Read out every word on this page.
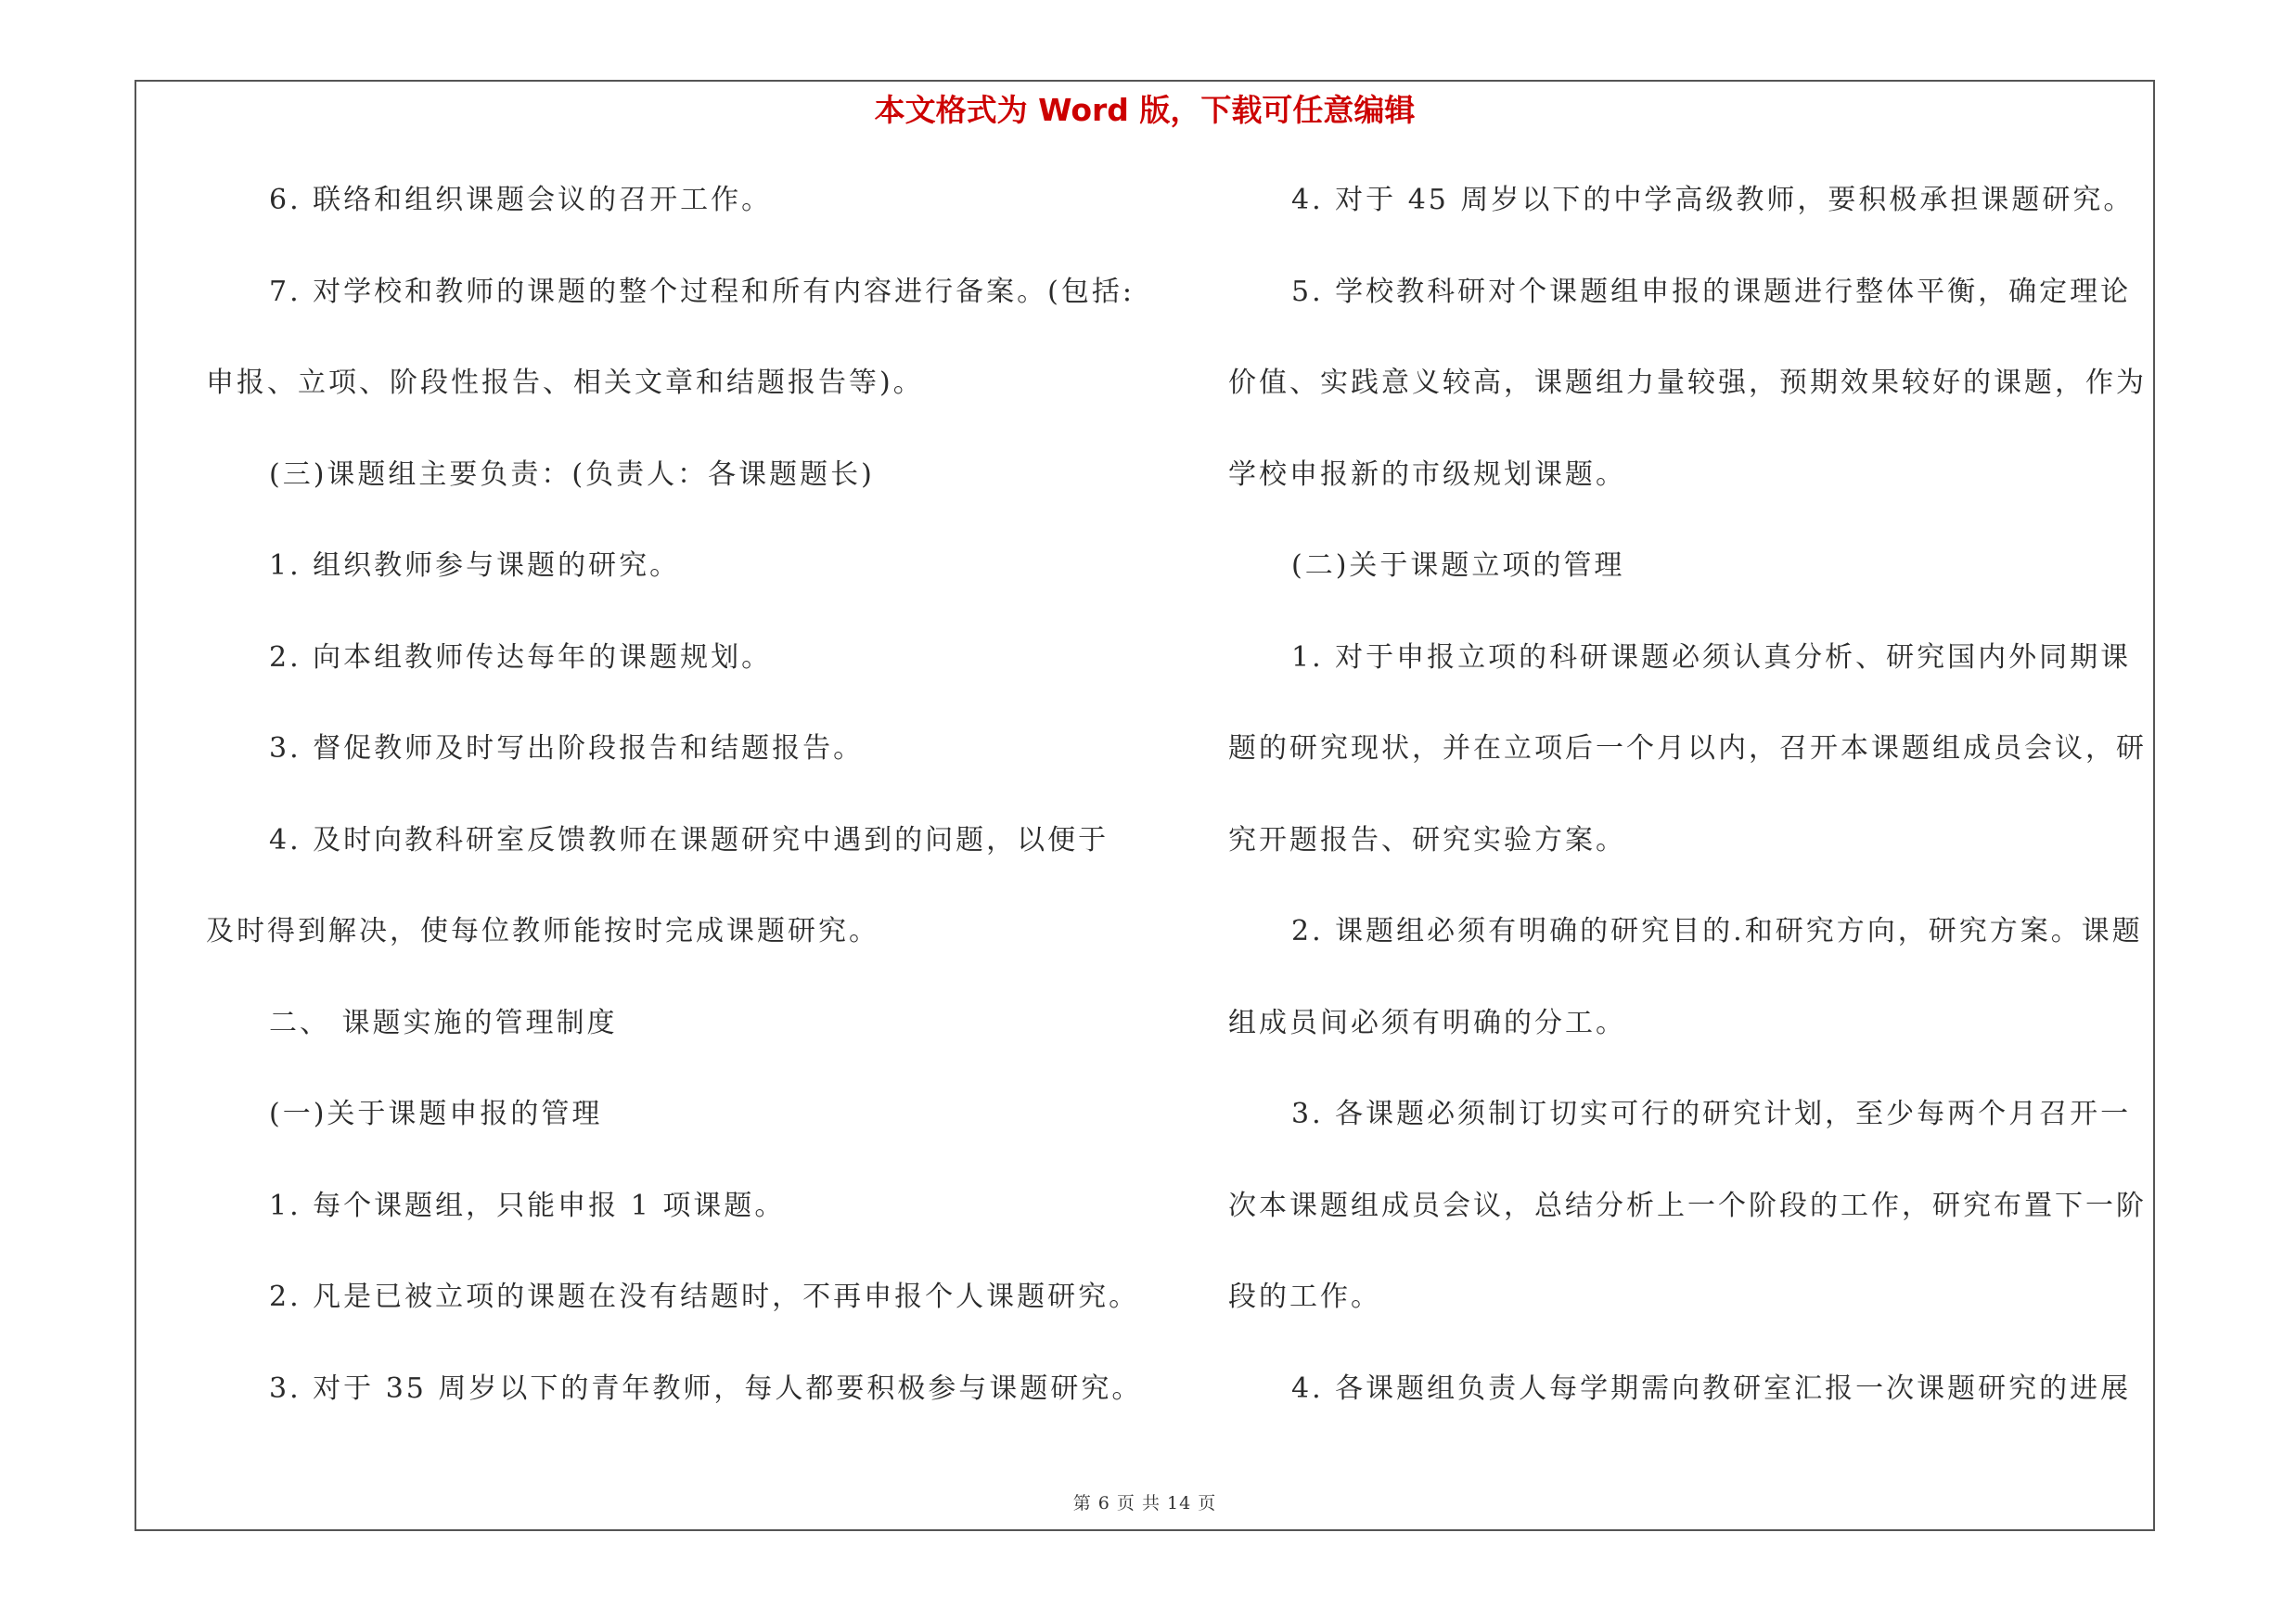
本文格式为 Word 版，下载可任意编辑
6. 联络和组织课题会议的召开工作。
7. 对学校和教师的课题的整个过程和所有内容进行备案。(包括:
申报、立项、阶段性报告、相关文章和结题报告等)。
(三)课题组主要负责：(负责人：各课题题长)
1. 组织教师参与课题的研究。
2. 向本组教师传达每年的课题规划。
3. 督促教师及时写出阶段报告和结题报告。
4. 及时向教科研室反馈教师在课题研究中遇到的问题，以便于
及时得到解决，使每位教师能按时完成课题研究。
二、 课题实施的管理制度
(一)关于课题申报的管理
1. 每个课题组，只能申报 1 项课题。
2. 凡是已被立项的课题在没有结题时，不再申报个人课题研究。
3. 对于 35 周岁以下的青年教师，每人都要积极参与课题研究。
4. 对于 45 周岁以下的中学高级教师，要积极承担课题研究。
5. 学校教科研对个课题组申报的课题进行整体平衡，确定理论
价值、实践意义较高，课题组力量较强，预期效果较好的课题，作为
学校申报新的市级规划课题。
(二)关于课题立项的管理
1. 对于申报立项的科研课题必须认真分析、研究国内外同期课
题的研究现状，并在立项后一个月以内，召开本课题组成员会议，研
究开题报告、研究实验方案。
2. 课题组必须有明确的研究目的.和研究方向，研究方案。课题
组成员间必须有明确的分工。
3. 各课题必须制订切实可行的研究计划，至少每两个月召开一
次本课题组成员会议，总结分析上一个阶段的工作，研究布置下一阶
段的工作。
4. 各课题组负责人每学期需向教研室汇报一次课题研究的进展
第 6 页 共 14 页
